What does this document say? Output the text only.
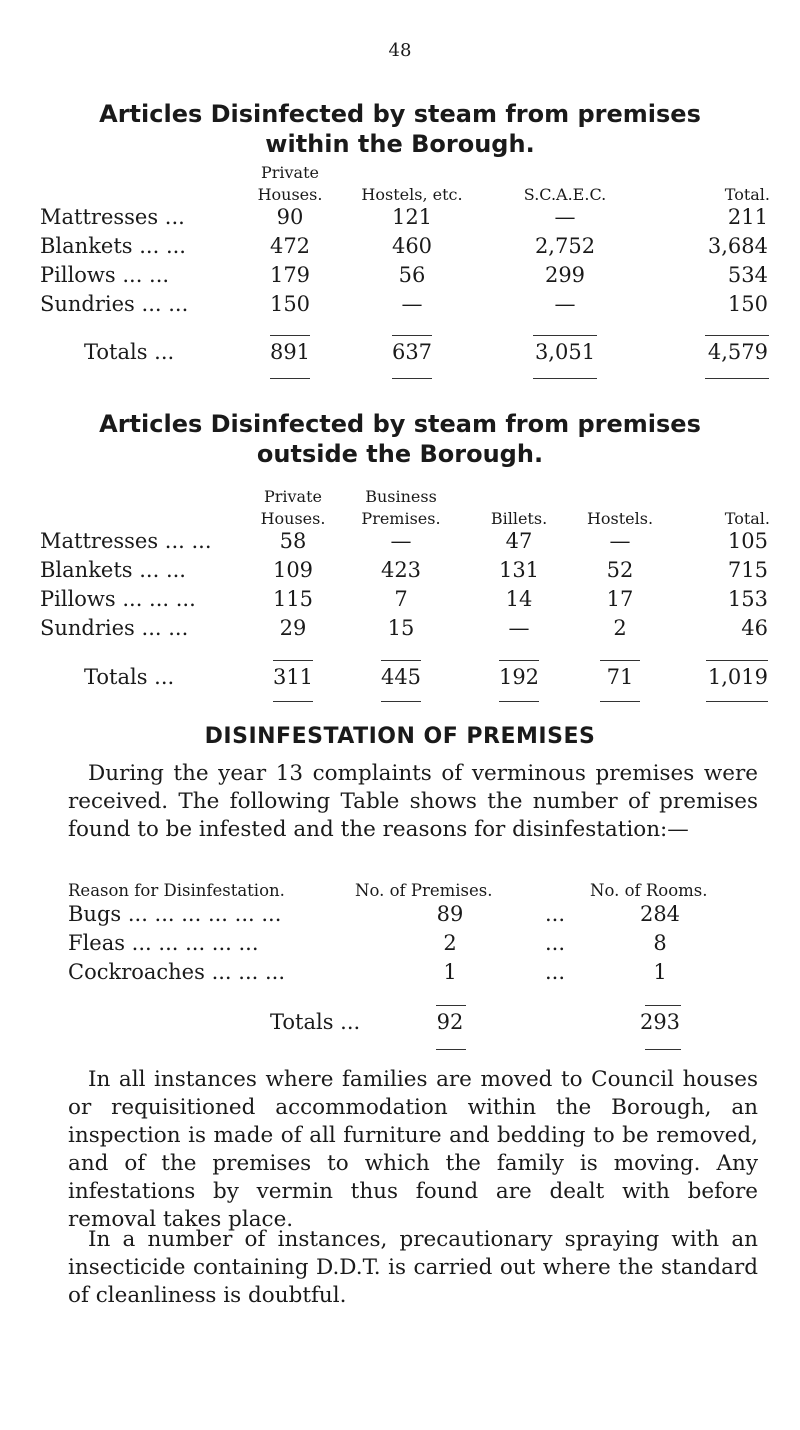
48
Articles Disinfected by steam from premises
within the Borough.
Private
Houses.	Hostels, etc.	S.C.A.E.C.	Total.
Mattresses ...	90	121	—	211
Blankets ... ...	472	460	2,752	3,684
Pillows ... ...	179	56	299	534
Sundries ... ...	150	—	—	150
Totals ...	891	637	3,051	4,579
Articles Disinfected by steam from premises
outside the Borough.
Private
Houses.
Business
Premises.	Billets.	Hostels.	Total.
Mattresses ... ...	58	—	47	—	105
Blankets ... ...	109	423	131	52	715
Pillows ... ... ...	115	7	14	17	153
Sundries ... ...	29	15	—	2	46
Totals ...	311	445	192	71	1,019
DISINFESTATION OF PREMISES
During the year 13 complaints of verminous premises were received. The following Table shows the number of premises found to be infested and the reasons for disinfestation:—
Reason for Disinfestation.	No. of Premises.	No. of Rooms.
Bugs ... ... ... ... ... ...	89	...	284
Fleas ... ... ... ... ...	2	...	8
Cockroaches ... ... ...	1	...	1
Totals ...	92	293
In all instances where families are moved to Council houses or requisitioned accommodation within the Borough, an inspection is made of all furniture and bedding to be removed, and of the premises to which the family is moving. Any infestations by vermin thus found are dealt with before removal takes place.
In a number of instances, precautionary spraying with an insecticide containing D.D.T. is carried out where the standard of cleanliness is doubtful.
